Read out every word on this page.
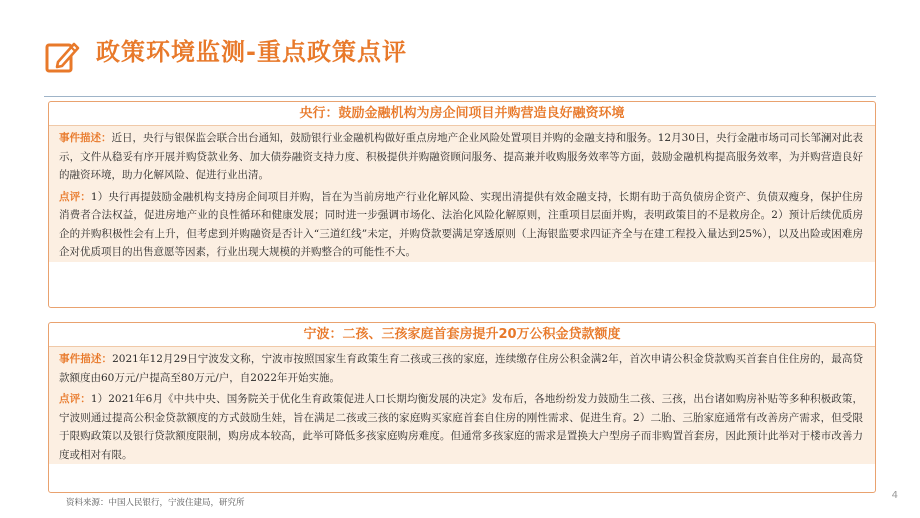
政策环境监测-重点政策点评
央行：鼓励金融机构为房企间项目并购营造良好融资环境

事件描述：近日，央行与银保监会联合出台通知，鼓励银行业金融机构做好重点房地产企业风险处置项目并购的金融支持和服务。12月30日，央行金融市场司司长邹澜对此表示，文件从稳妥有序开展并购贷款业务、加大债券融资支持力度、积极提供并购融资顾问服务、提高兼并收购服务效率等方面，鼓励金融机构提高服务效率，为并购营造良好的融资环境，助力化解风险、促进行业出清。

点评：1）央行再提鼓励金融机构支持房企间项目并购，旨在为当前房地产行业化解风险、实现出清提供有效金融支持，长期有助于高负债房企资产、负债双瘦身，保护住房消费者合法权益，促进房地产业的良性循环和健康发展；同时进一步强调市场化、法治化风险化解原则，注重项目层面并购，表明政策目的不是救房企。2）预计后续优质房企的并购积极性会有上升，但考虑到并购融资是否计入“三道红线”未定，并购贷款要满足穿透原则（上海银监要求四证齐全与在建工程投入量达到25%），以及出险或困难房企对优质项目的出售意愿等因素，行业出现大规模的并购整合的可能性不大。

宁波：二孩、三孩家庭首套房提升20万公积金贷款额度

事件描述：2021年12月29日宁波发文称，宁波市按照国家生育政策生育二孩或三孩的家庭，连续缴存住房公积金满2年，首次申请公积金贷款购买首套自住住房的，最高贷款额度由60万元/户提高至80万元/户，自2022年开始实施。

点评：1）2021年6月《中共中央、国务院关于优化生育政策促进人口长期均衡发展的决定》发布后，各地纷纷发力鼓励生二孩、三孩，出台诸如购房补贴等多种积极政策，宁波则通过提高公积金贷款额度的方式鼓励生娃，旨在满足二孩或三孩的家庭购买家庭首套自住房的刚性需求、促进生育。2）二胎、三胎家庭通常有改善房产需求，但受限于限购政策以及银行贷款额度限制，购房成本较高，此举可降低多孩家庭购房难度。但通常多孩家庭的需求是置换大户型房子而非购置首套房，因此预计此举对于楼市改善力度或相对有限。

资料来源：中国人民银行，宁波住建局，研究所
4
